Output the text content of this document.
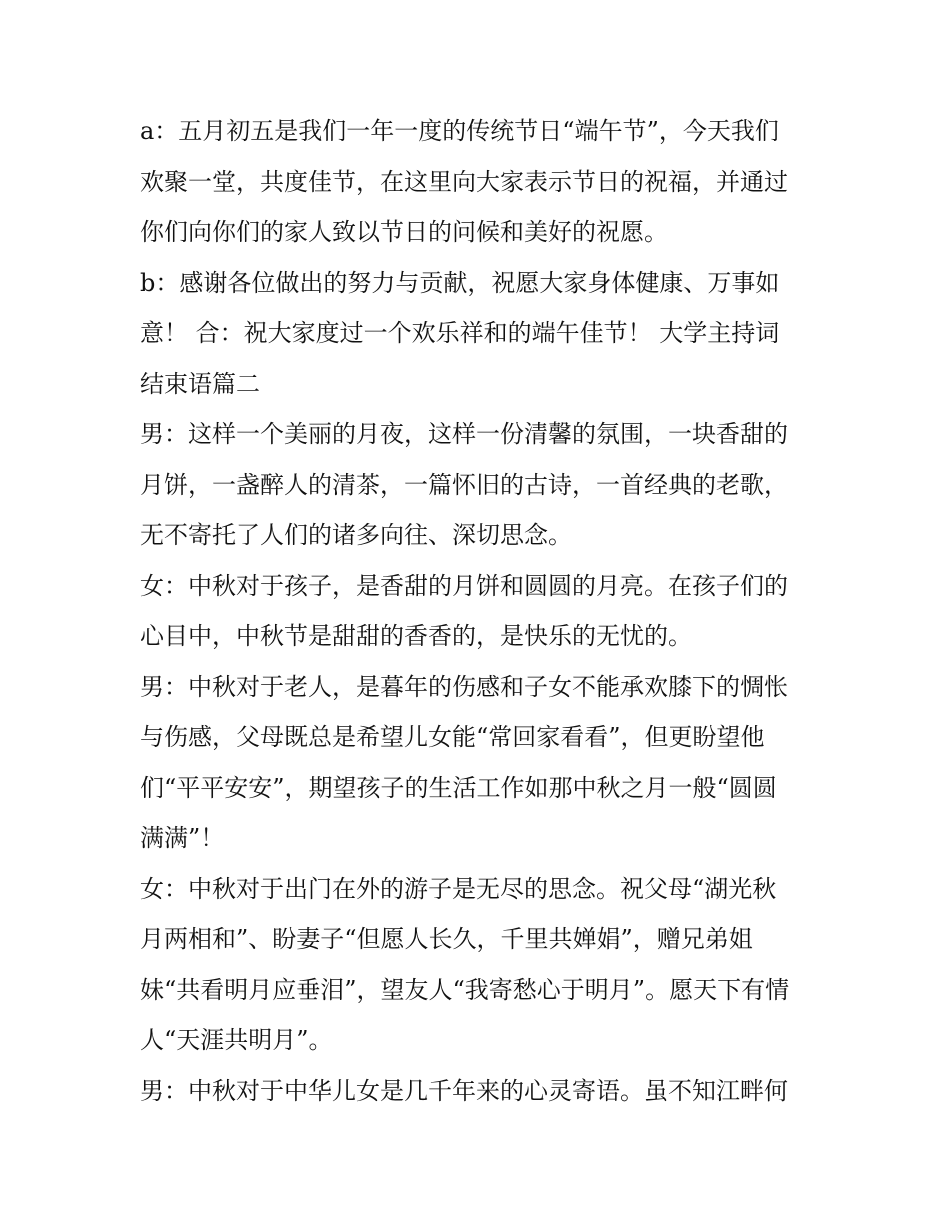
a：五月初五是我们一年一度的传统节日“端午节”，今天我们
欢聚一堂，共度佳节，在这里向大家表示节日的祝福，并通过
你们向你们的家人致以节日的问候和美好的祝愿。
b：感谢各位做出的努力与贡献，祝愿大家身体健康、万事如
意！ 合：祝大家度过一个欢乐祥和的端午佳节！ 大学主持词
结束语篇二
男：这样一个美丽的月夜，这样一份清馨的氛围，一块香甜的
月饼，一盏醉人的清茶，一篇怀旧的古诗，一首经典的老歌，
无不寄托了人们的诸多向往、深切思念。
女：中秋对于孩子，是香甜的月饼和圆圆的月亮。在孩子们的
心目中，中秋节是甜甜的香香的，是快乐的无忧的。
男：中秋对于老人，是暮年的伤感和子女不能承欢膝下的惆怅
与伤感，父母既总是希望儿女能“常回家看看”，但更盼望他
们“平平安安”，期望孩子的生活工作如那中秋之月一般“圆圆
满满”！
女：中秋对于出门在外的游子是无尽的思念。祝父母“湖光秋
月两相和”、盼妻子“但愿人长久，千里共婵娟”，赠兄弟姐
妹“共看明月应垂泪”，望友人“我寄愁心于明月”。愿天下有情
人“天涯共明月”。
男：中秋对于中华儿女是几千年来的心灵寄语。虽不知江畔何
